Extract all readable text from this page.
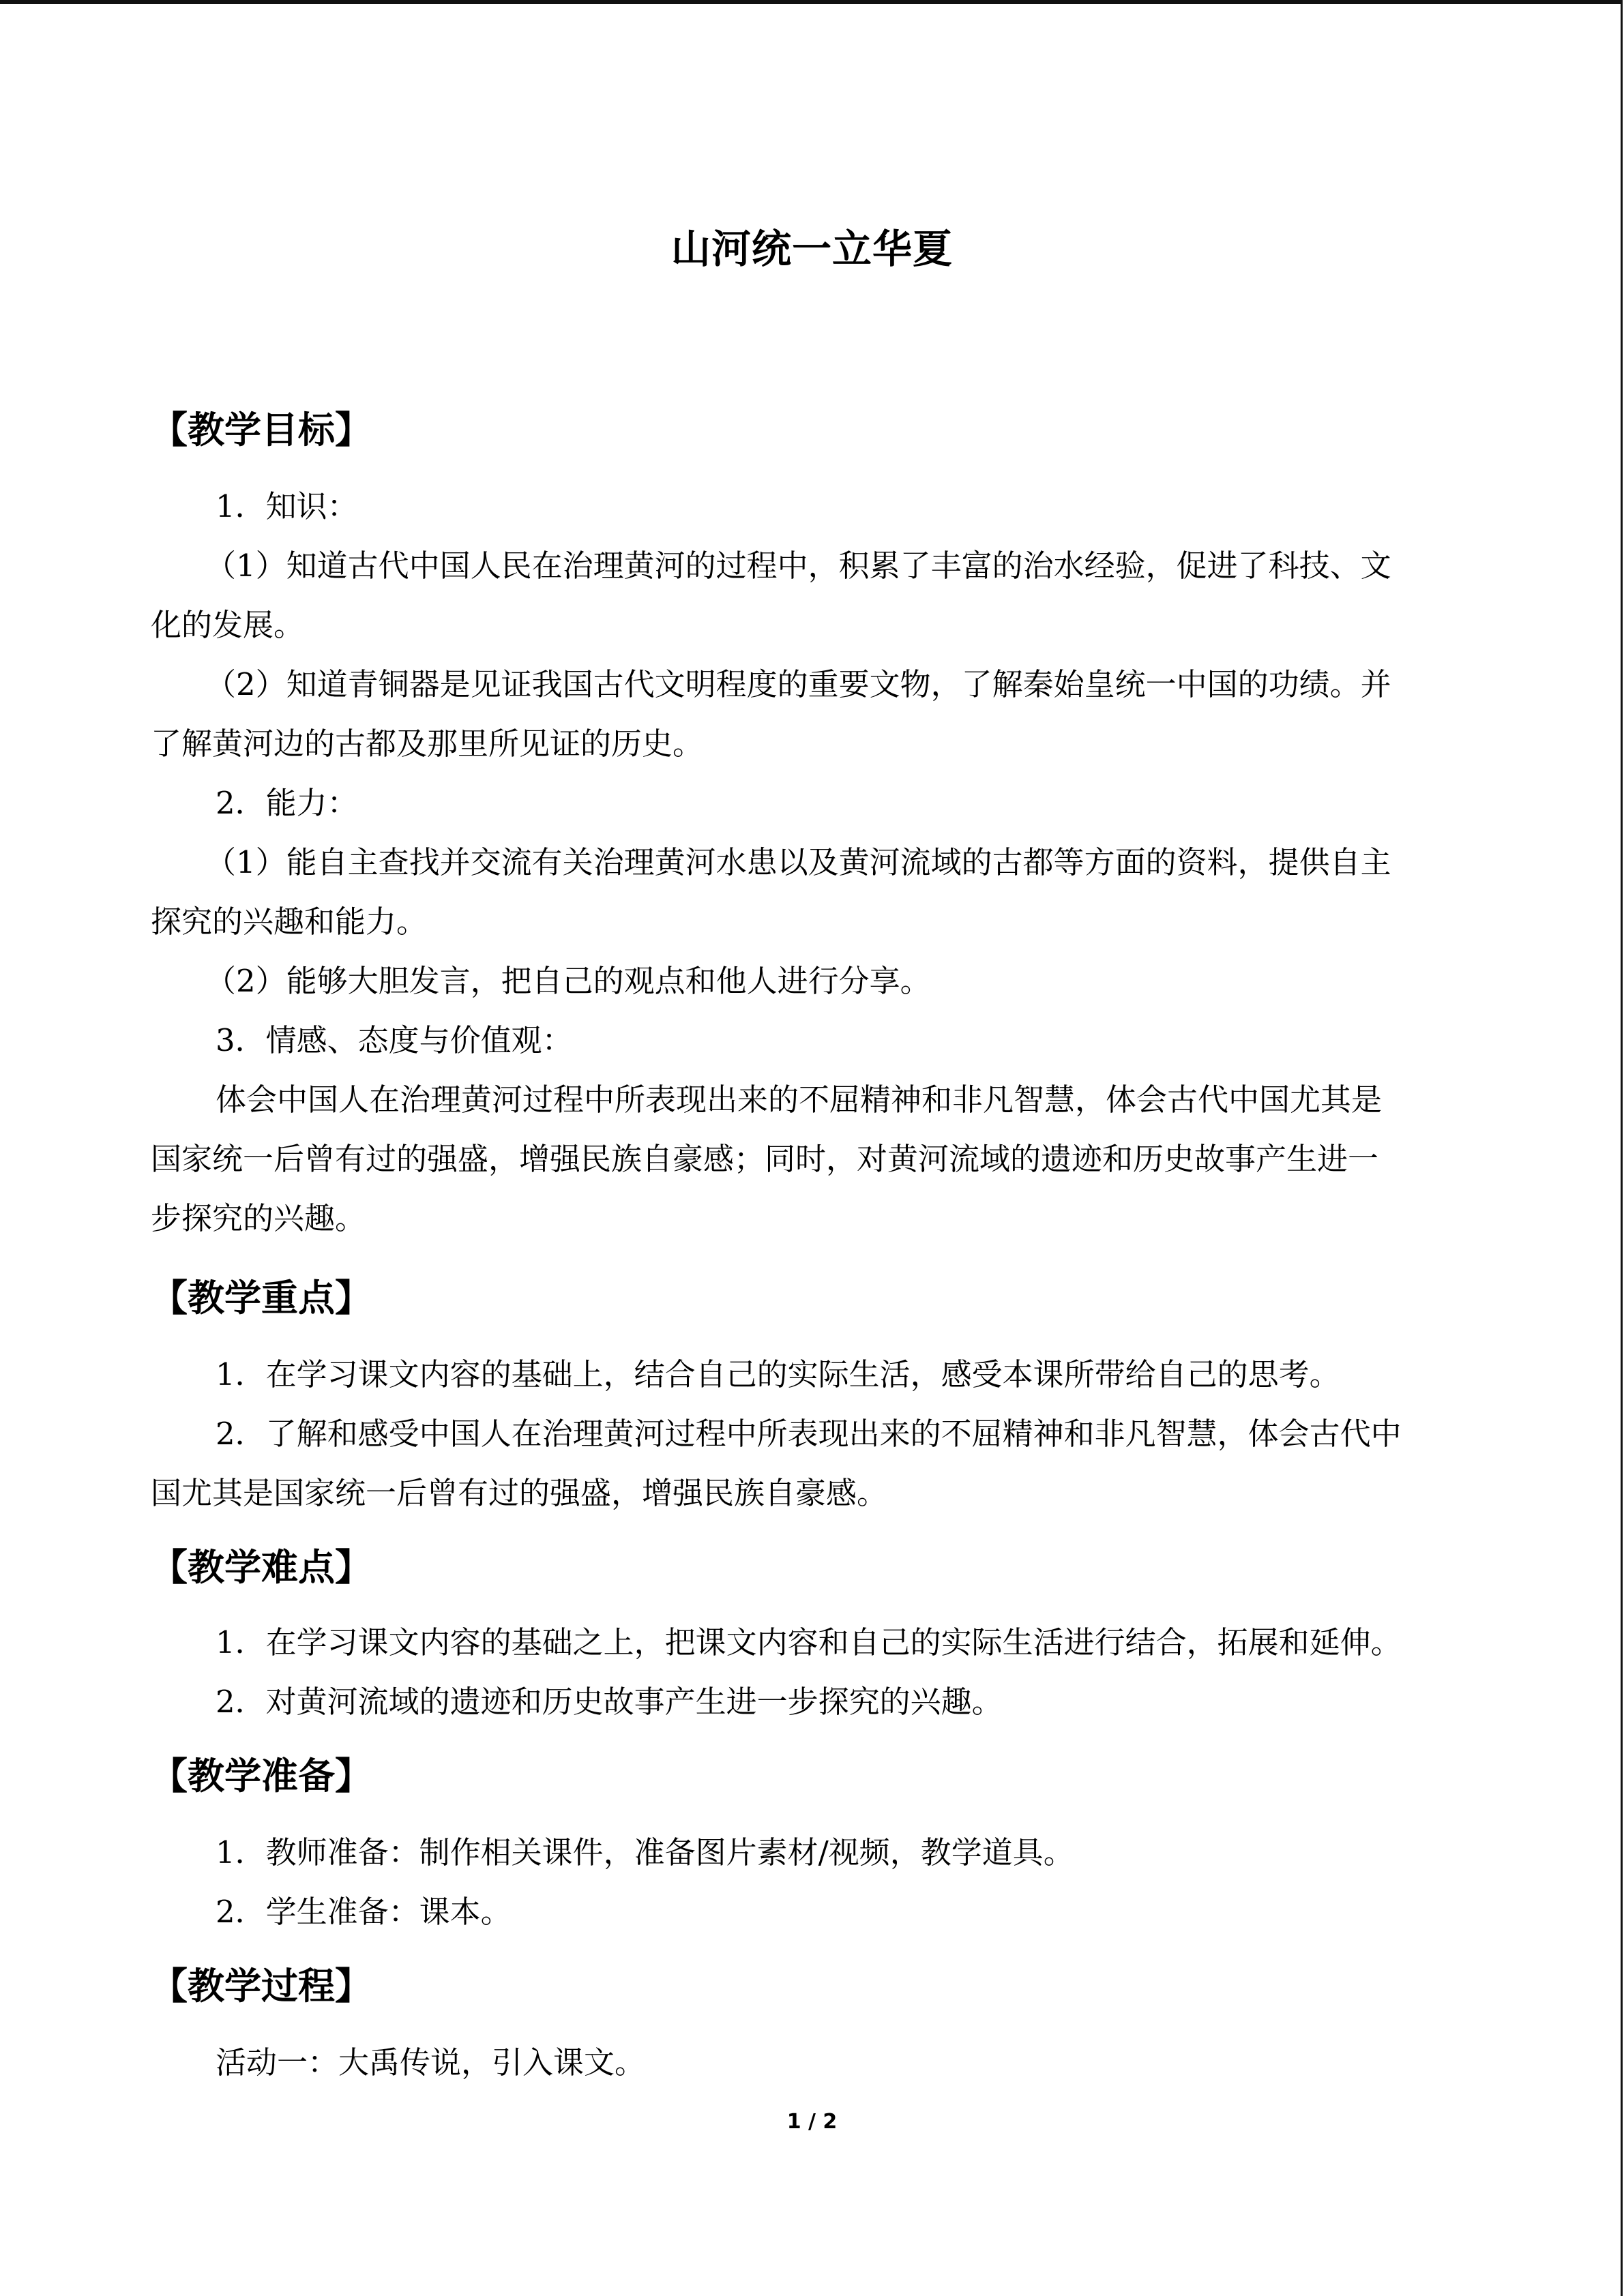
山河统一立华夏
【教学目标】
1．知识：
（1）知道古代中国人民在治理黄河的过程中，积累了丰富的治水经验，促进了科技、文
化的发展。
（2）知道青铜器是见证我国古代文明程度的重要文物，了解秦始皇统一中国的功绩。并
了解黄河边的古都及那里所见证的历史。
2．能力：
（1）能自主查找并交流有关治理黄河水患以及黄河流域的古都等方面的资料，提供自主
探究的兴趣和能力。
（2）能够大胆发言，把自己的观点和他人进行分享。
3．情感、态度与价值观：
体会中国人在治理黄河过程中所表现出来的不屈精神和非凡智慧，体会古代中国尤其是
国家统一后曾有过的强盛，增强民族自豪感；同时，对黄河流域的遗迹和历史故事产生进一
步探究的兴趣。
【教学重点】
1．在学习课文内容的基础上，结合自己的实际生活，感受本课所带给自己的思考。
2．了解和感受中国人在治理黄河过程中所表现出来的不屈精神和非凡智慧，体会古代中
国尤其是国家统一后曾有过的强盛，增强民族自豪感。
【教学难点】
1．在学习课文内容的基础之上，把课文内容和自己的实际生活进行结合，拓展和延伸。
2．对黄河流域的遗迹和历史故事产生进一步探究的兴趣。
【教学准备】
1．教师准备：制作相关课件，准备图片素材/视频，教学道具。
2．学生准备：课本。
【教学过程】
活动一：大禹传说，引入课文。
1 / 2
